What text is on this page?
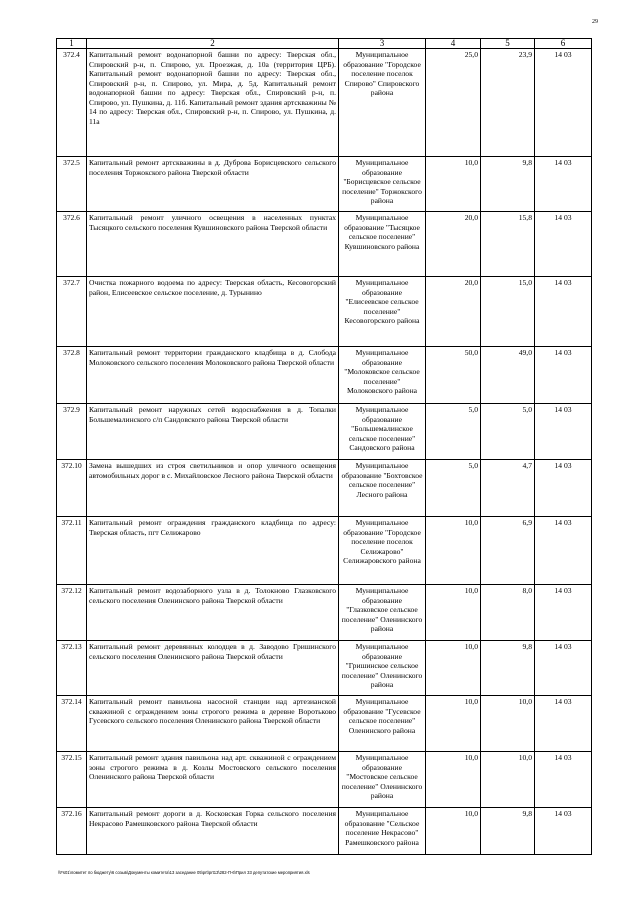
29
1	2	3	4	5	6
372.4	Капитальный ремонт водонапорной башни по адресу: Тверская обл., Спировский р-н, п. Спирово, ул. Проезжая, д. 10а (территория ЦРБ). Капитальный ремонт водонапорной башни по адресу: Тверская обл., Спировский р-н, п. Спирово, ул. Мира, д. 5д. Капитальный ремонт водонапорной башни по адресу: Тверская обл., Спировский р-н, п. Спирово, ул. Пушкина, д. 11б. Капитальный ремонт здания артскважины № 14 по адресу: Тверская обл., Спировский р-н, п. Спирово, ул. Пушкина, д. 11а	Муниципальное образование "Городское поселение поселок Спирово" Спировского района	25,0	23,9	14 03
372.5	Капитальный ремонт артскважины в д. Дуброва Борисцевского сельского поселения Торжокского района Тверской области	Муниципальное образование "Борисцевское сельское поселение" Торжокского района	10,0	9,8	14 03
372.6	Капитальный ремонт уличного освещения в населенных пунктах Тысяцкого сельского поселения Кувшиновского района Тверской области	Муниципальное образование "Тысяцкое сельское поселение" Кувшиновского района	20,0	15,8	14 03
372.7	Очистка пожарного водоема по адресу: Тверская область, Кесовогорский район, Елисеевское сельское поселение, д. Турынино	Муниципальное образование "Елисеевское сельское поселение" Кесовогорского района	20,0	15,0	14 03
372.8	Капитальный ремонт территории гражданского кладбища в д. Слобода Молоковского сельского поселения Молоковского района Тверской области	Муниципальное образование "Молоковское сельское поселение" Молоковского района	50,0	49,0	14 03
372.9	Капитальный ремонт наружных сетей водоснабжения в д. Топалки Большемалинского с/п Сандовского района Тверской области	Муниципальное образование "Большемалинское сельское поселение" Сандовского района	5,0	5,0	14 03
372.10	Замена вышедших из строя светильников и опор уличного освещения автомобильных дорог в с. Михайловское Лесного района Тверской области	Муниципальное образование "Бохтовское сельское поселение" Лесного района	5,0	4,7	14 03
372.11	Капитальный ремонт ограждения гражданского кладбища по адресу: Тверская область, пгт Селижарово	Муниципальное образование "Городское поселение поселок Селижарово" Селижаровского района	10,0	6,9	14 03
372.12	Капитальный ремонт водозаборного узла в д. Толокново Глазковского сельского поселения Оленинского района Тверской области	Муниципальное образование "Глазковское сельское поселение" Оленинского района	10,0	8,0	14 03
372.13	Капитальный ремонт деревянных колодцев в д. Заводово Гришинского сельского поселения Оленинского района Тверской области	Муниципальное образование "Гришинское сельское поселение" Оленинского района	10,0	9,8	14 03
372.14	Капитальный ремонт павильона насосной станции над артезианской скважиной с ограждением зоны строгого режима в деревне Воротьково Гусевского сельского поселения Оленинского района Тверской области	Муниципальное образование "Гусевское сельское поселение" Оленинского района	10,0	10,0	14 03
372.15	Капитальный ремонт здания павильона над арт. скважиной с ограждением зоны строгого режима в д. Козлы Мостовского сельского поселения Оленинского района Тверской области	Муниципальное образование "Мостовское сельское поселение" Оленинского района	10,0	10,0	14 03
372.16	Капитальный ремонт дороги в д. Косковская Горка сельского поселения Некрасово Рамешковского района Тверской области	Муниципальное образование "Сельское поселение Некрасово" Рамешковского района	10,0	9,8	14 03
\\Fs01\ломитет по бюджету\6 созыв\Документы комитета\13 заседание 05\prt\prt13\282-П-6\Прил 33 депутатские мероприятия.xls
